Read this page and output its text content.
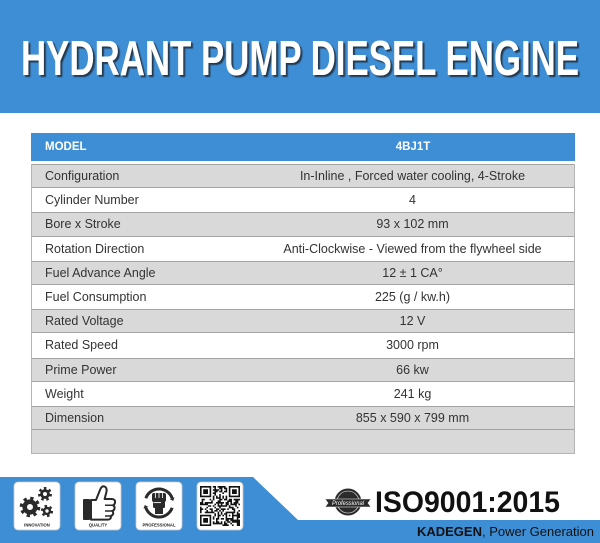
HYDRANT PUMP DIESEL ENGINE
MODEL	4BJ1T
Configuration	In-Inline , Forced water cooling, 4-Stroke
Cylinder Number	4
Bore x Stroke	93 x 102 mm
Rotation Direction	Anti-Clockwise - Viewed from the flywheel side
Fuel Advance Angle	12 ± 1 CA°
Fuel Consumption	225 (g / kw.h)
Rated Voltage	12 V
Rated Speed	3000 rpm
Prime Power	66 kw
Weight	241 kg
Dimension	855 x 590 x 799 mm
INNOVATION	QUALITY	PROFESSIONAL
Professional ISO9001:2015
KADEGEN, Power Generation
